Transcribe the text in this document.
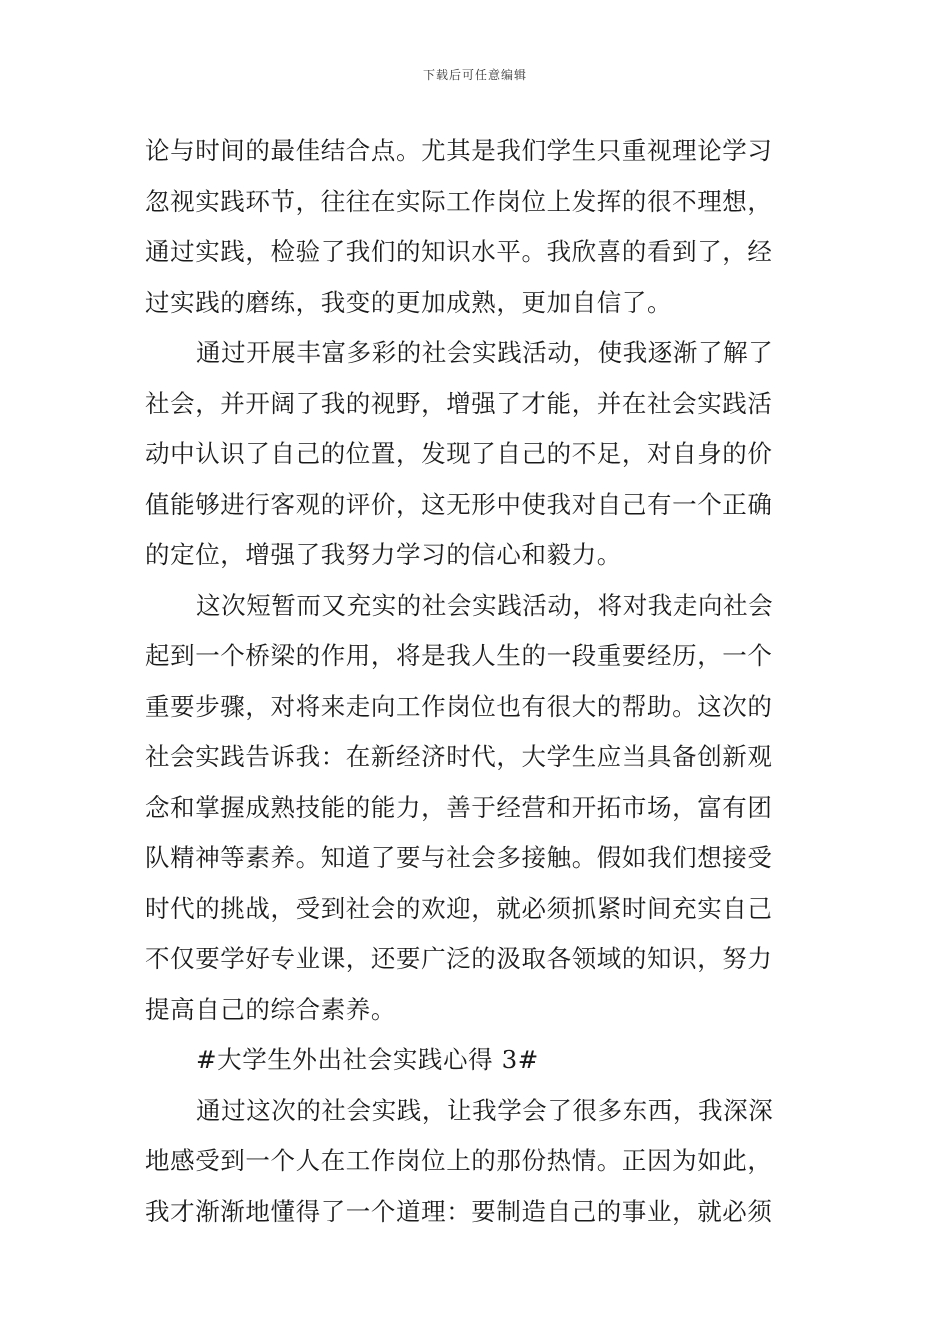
下载后可任意编辑
论与时间的最佳结合点。尤其是我们学生只重视理论学习
忽视实践环节，往往在实际工作岗位上发挥的很不理想，
通过实践，检验了我们的知识水平。我欣喜的看到了，经
过实践的磨练，我变的更加成熟，更加自信了。
通过开展丰富多彩的社会实践活动，使我逐渐了解了
社会，并开阔了我的视野，增强了才能，并在社会实践活
动中认识了自己的位置，发现了自己的不足，对自身的价
值能够进行客观的评价，这无形中使我对自己有一个正确
的定位，增强了我努力学习的信心和毅力。
这次短暂而又充实的社会实践活动，将对我走向社会
起到一个桥梁的作用，将是我人生的一段重要经历，一个
重要步骤，对将来走向工作岗位也有很大的帮助。这次的
社会实践告诉我：在新经济时代，大学生应当具备创新观
念和掌握成熟技能的能力，善于经营和开拓市场，富有团
队精神等素养。知道了要与社会多接触。假如我们想接受
时代的挑战，受到社会的欢迎，就必须抓紧时间充实自己
不仅要学好专业课，还要广泛的汲取各领域的知识，努力
提高自己的综合素养。
#大学生外出社会实践心得 3#
通过这次的社会实践，让我学会了很多东西，我深深
地感受到一个人在工作岗位上的那份热情。正因为如此，
我才渐渐地懂得了一个道理：要制造自己的事业，就必须
